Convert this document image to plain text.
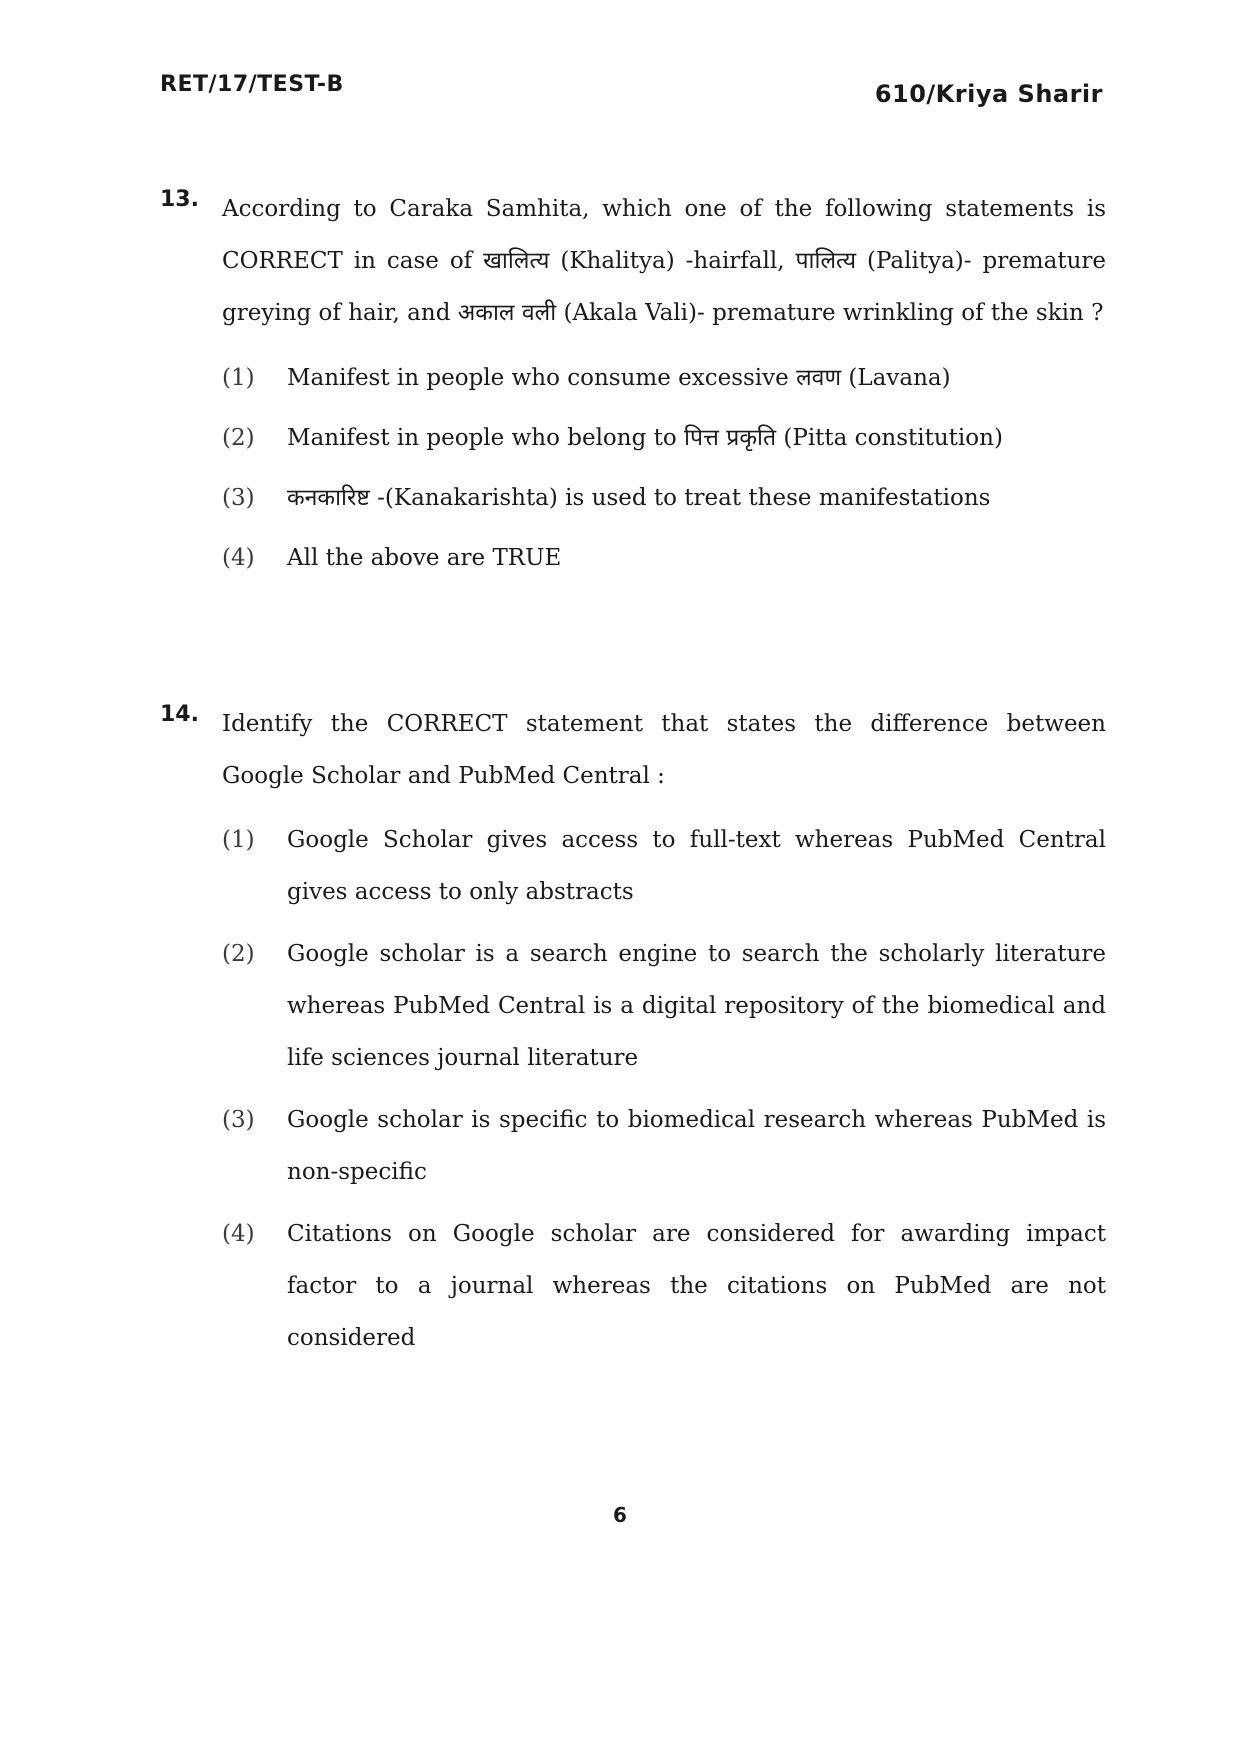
RET/17/TEST-B	610/Kriya Sharir
13. According to Caraka Samhita, which one of the following statements is CORRECT in case of खालित्य (Khalitya) -hairfall, पालित्य (Palitya)- premature greying of hair, and अकाल वली (Akala Vali)- premature wrinkling of the skin ?
(1) Manifest in people who consume excessive लवण (Lavana)
(2) Manifest in people who belong to पित्त प्रकृति (Pitta constitution)
(3) कनकारिष्ट -(Kanakarishta) is used to treat these manifestations
(4) All the above are TRUE
14. Identify the CORRECT statement that states the difference between Google Scholar and PubMed Central :
(1) Google Scholar gives access to full-text whereas PubMed Central gives access to only abstracts
(2) Google scholar is a search engine to search the scholarly literature whereas PubMed Central is a digital repository of the biomedical and life sciences journal literature
(3) Google scholar is specific to biomedical research whereas PubMed is non-specific
(4) Citations on Google scholar are considered for awarding impact factor to a journal whereas the citations on PubMed are not considered
6
